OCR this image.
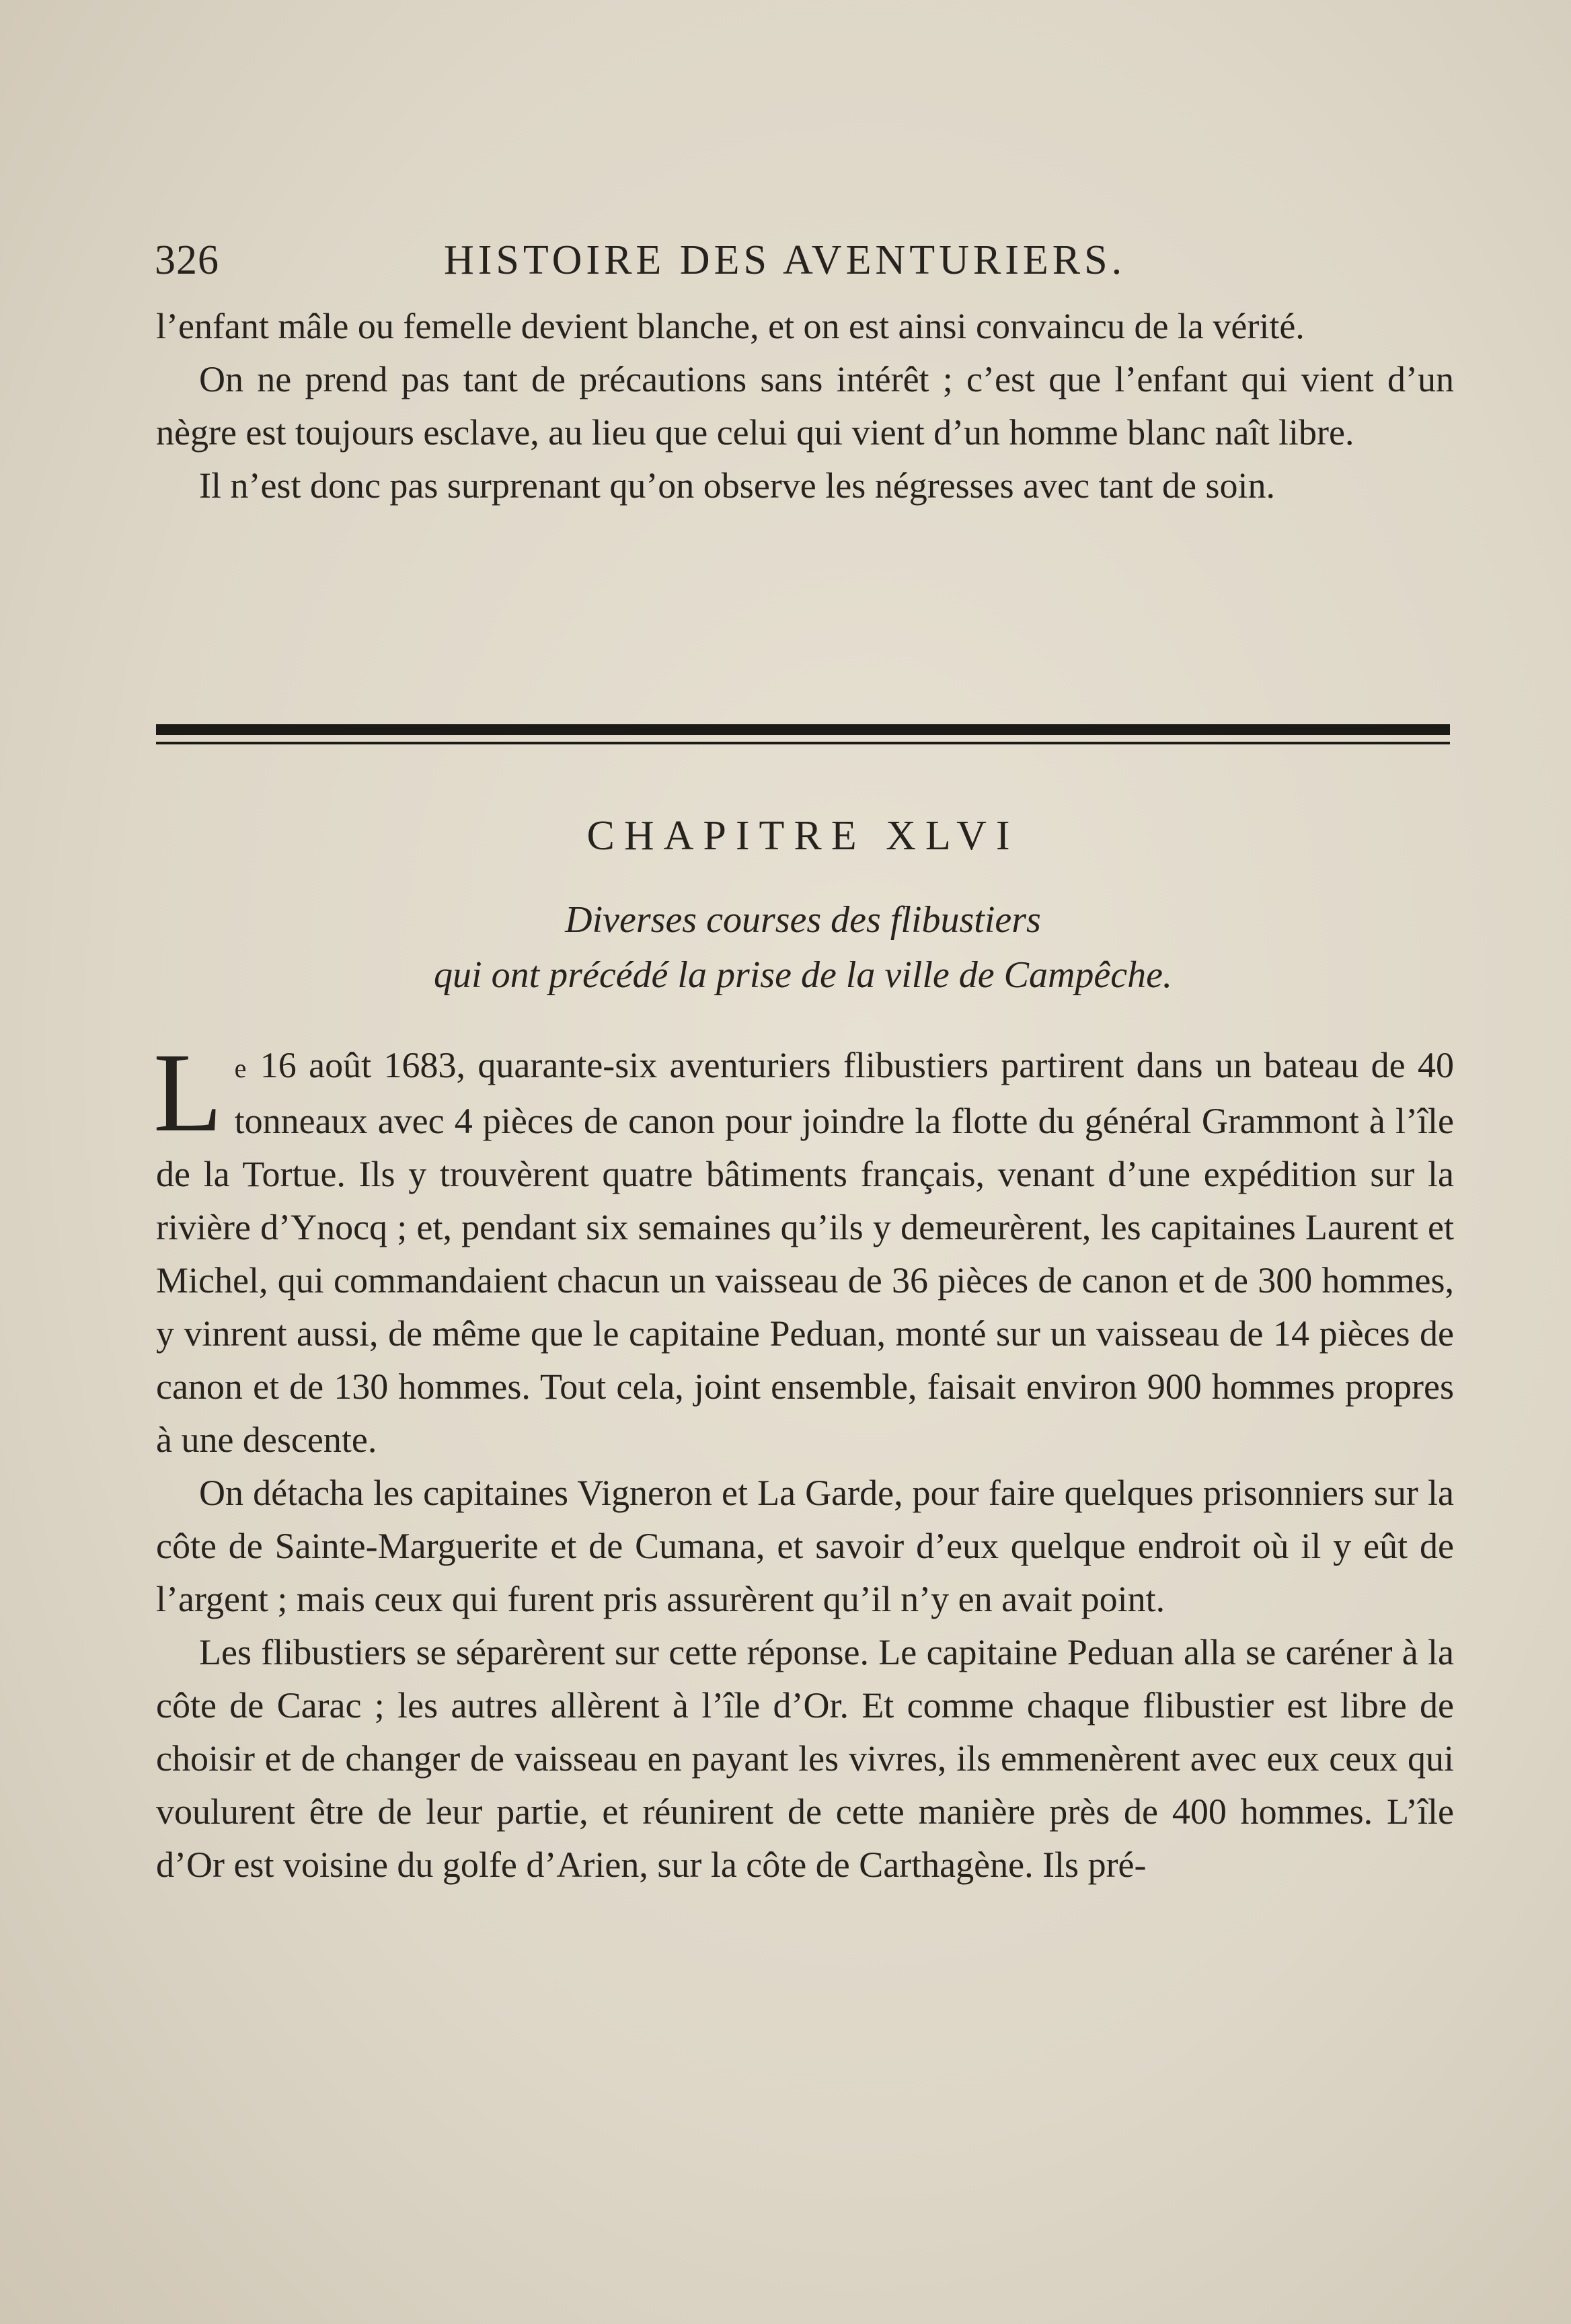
326	HISTOIRE DES AVENTURIERS.

l’enfant mâle ou femelle devient blanche, et on est ainsi convaincu de la vérité.

On ne prend pas tant de précautions sans intérêt ; c’est que l’enfant qui vient d’un nègre est toujours esclave, au lieu que celui qui vient d’un homme blanc naît libre.

Il n’est donc pas surprenant qu’on observe les négresses avec tant de soin.

CHAPITRE XLVI
Diverses courses des flibustiers
qui ont précédé la prise de la ville de Campêche.

Le 16 août 1683, quarante-six aventuriers flibustiers partirent dans un bateau de 40 tonneaux avec 4 pièces de canon pour joindre la flotte du général Grammont à l’île de la Tortue. Ils y trouvèrent quatre bâtiments français, venant d’une expédition sur la rivière d’Ynocq ; et, pendant six semaines qu’ils y demeurèrent, les capitaines Laurent et Michel, qui commandaient chacun un vaisseau de 36 pièces de canon et de 300 hommes, y vinrent aussi, de même que le capitaine Peduan, monté sur un vaisseau de 14 pièces de canon et de 130 hommes. Tout cela, joint ensemble, faisait environ 900 hommes propres à une descente.

On détacha les capitaines Vigneron et La Garde, pour faire quelques prisonniers sur la côte de Sainte-Marguerite et de Cumana, et savoir d’eux quelque endroit où il y eût de l’argent ; mais ceux qui furent pris assurèrent qu’il n’y en avait point.

Les flibustiers se séparèrent sur cette réponse. Le capitaine Peduan alla se caréner à la côte de Carac ; les autres allèrent à l’île d’Or. Et comme chaque flibustier est libre de choisir et de changer de vaisseau en payant les vivres, ils emmenèrent avec eux ceux qui voulurent être de leur partie, et réunirent de cette manière près de 400 hommes. L’île d’Or est voisine du golfe d’Arien, sur la côte de Carthagène. Ils pré-
